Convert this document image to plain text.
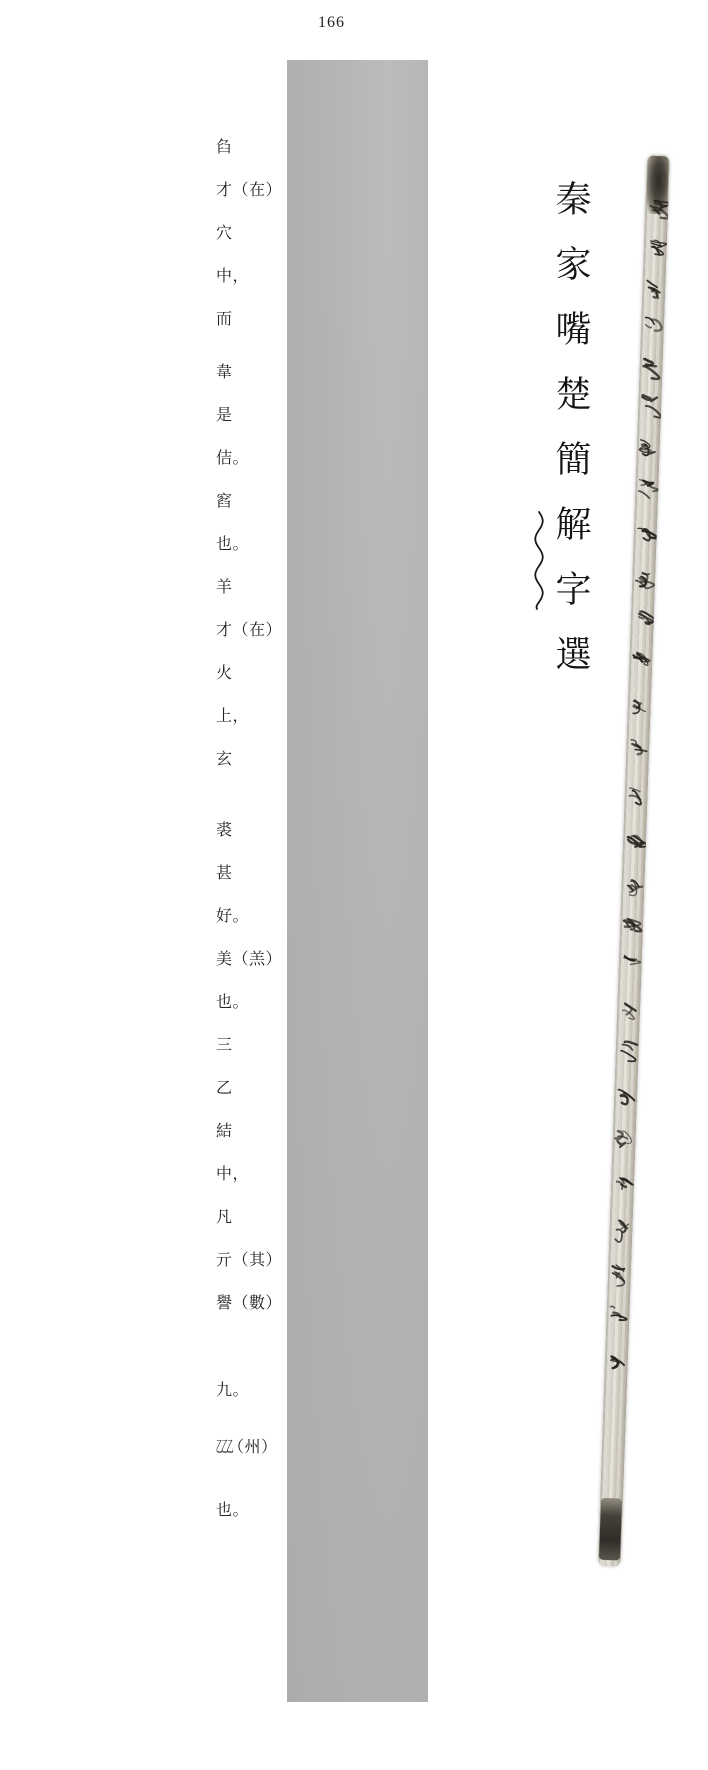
166
臽
才（在）
穴
中，
而
韋
是
佶。
窞
也。
羊
才（在）
火
上，
玄
裘
甚
好。
美（羔）
也。
三
乙
結
中，
凡
亓（其）
譽（數）
九。
乙乙乙（州）
也。
秦家嘴楚簡解字選
